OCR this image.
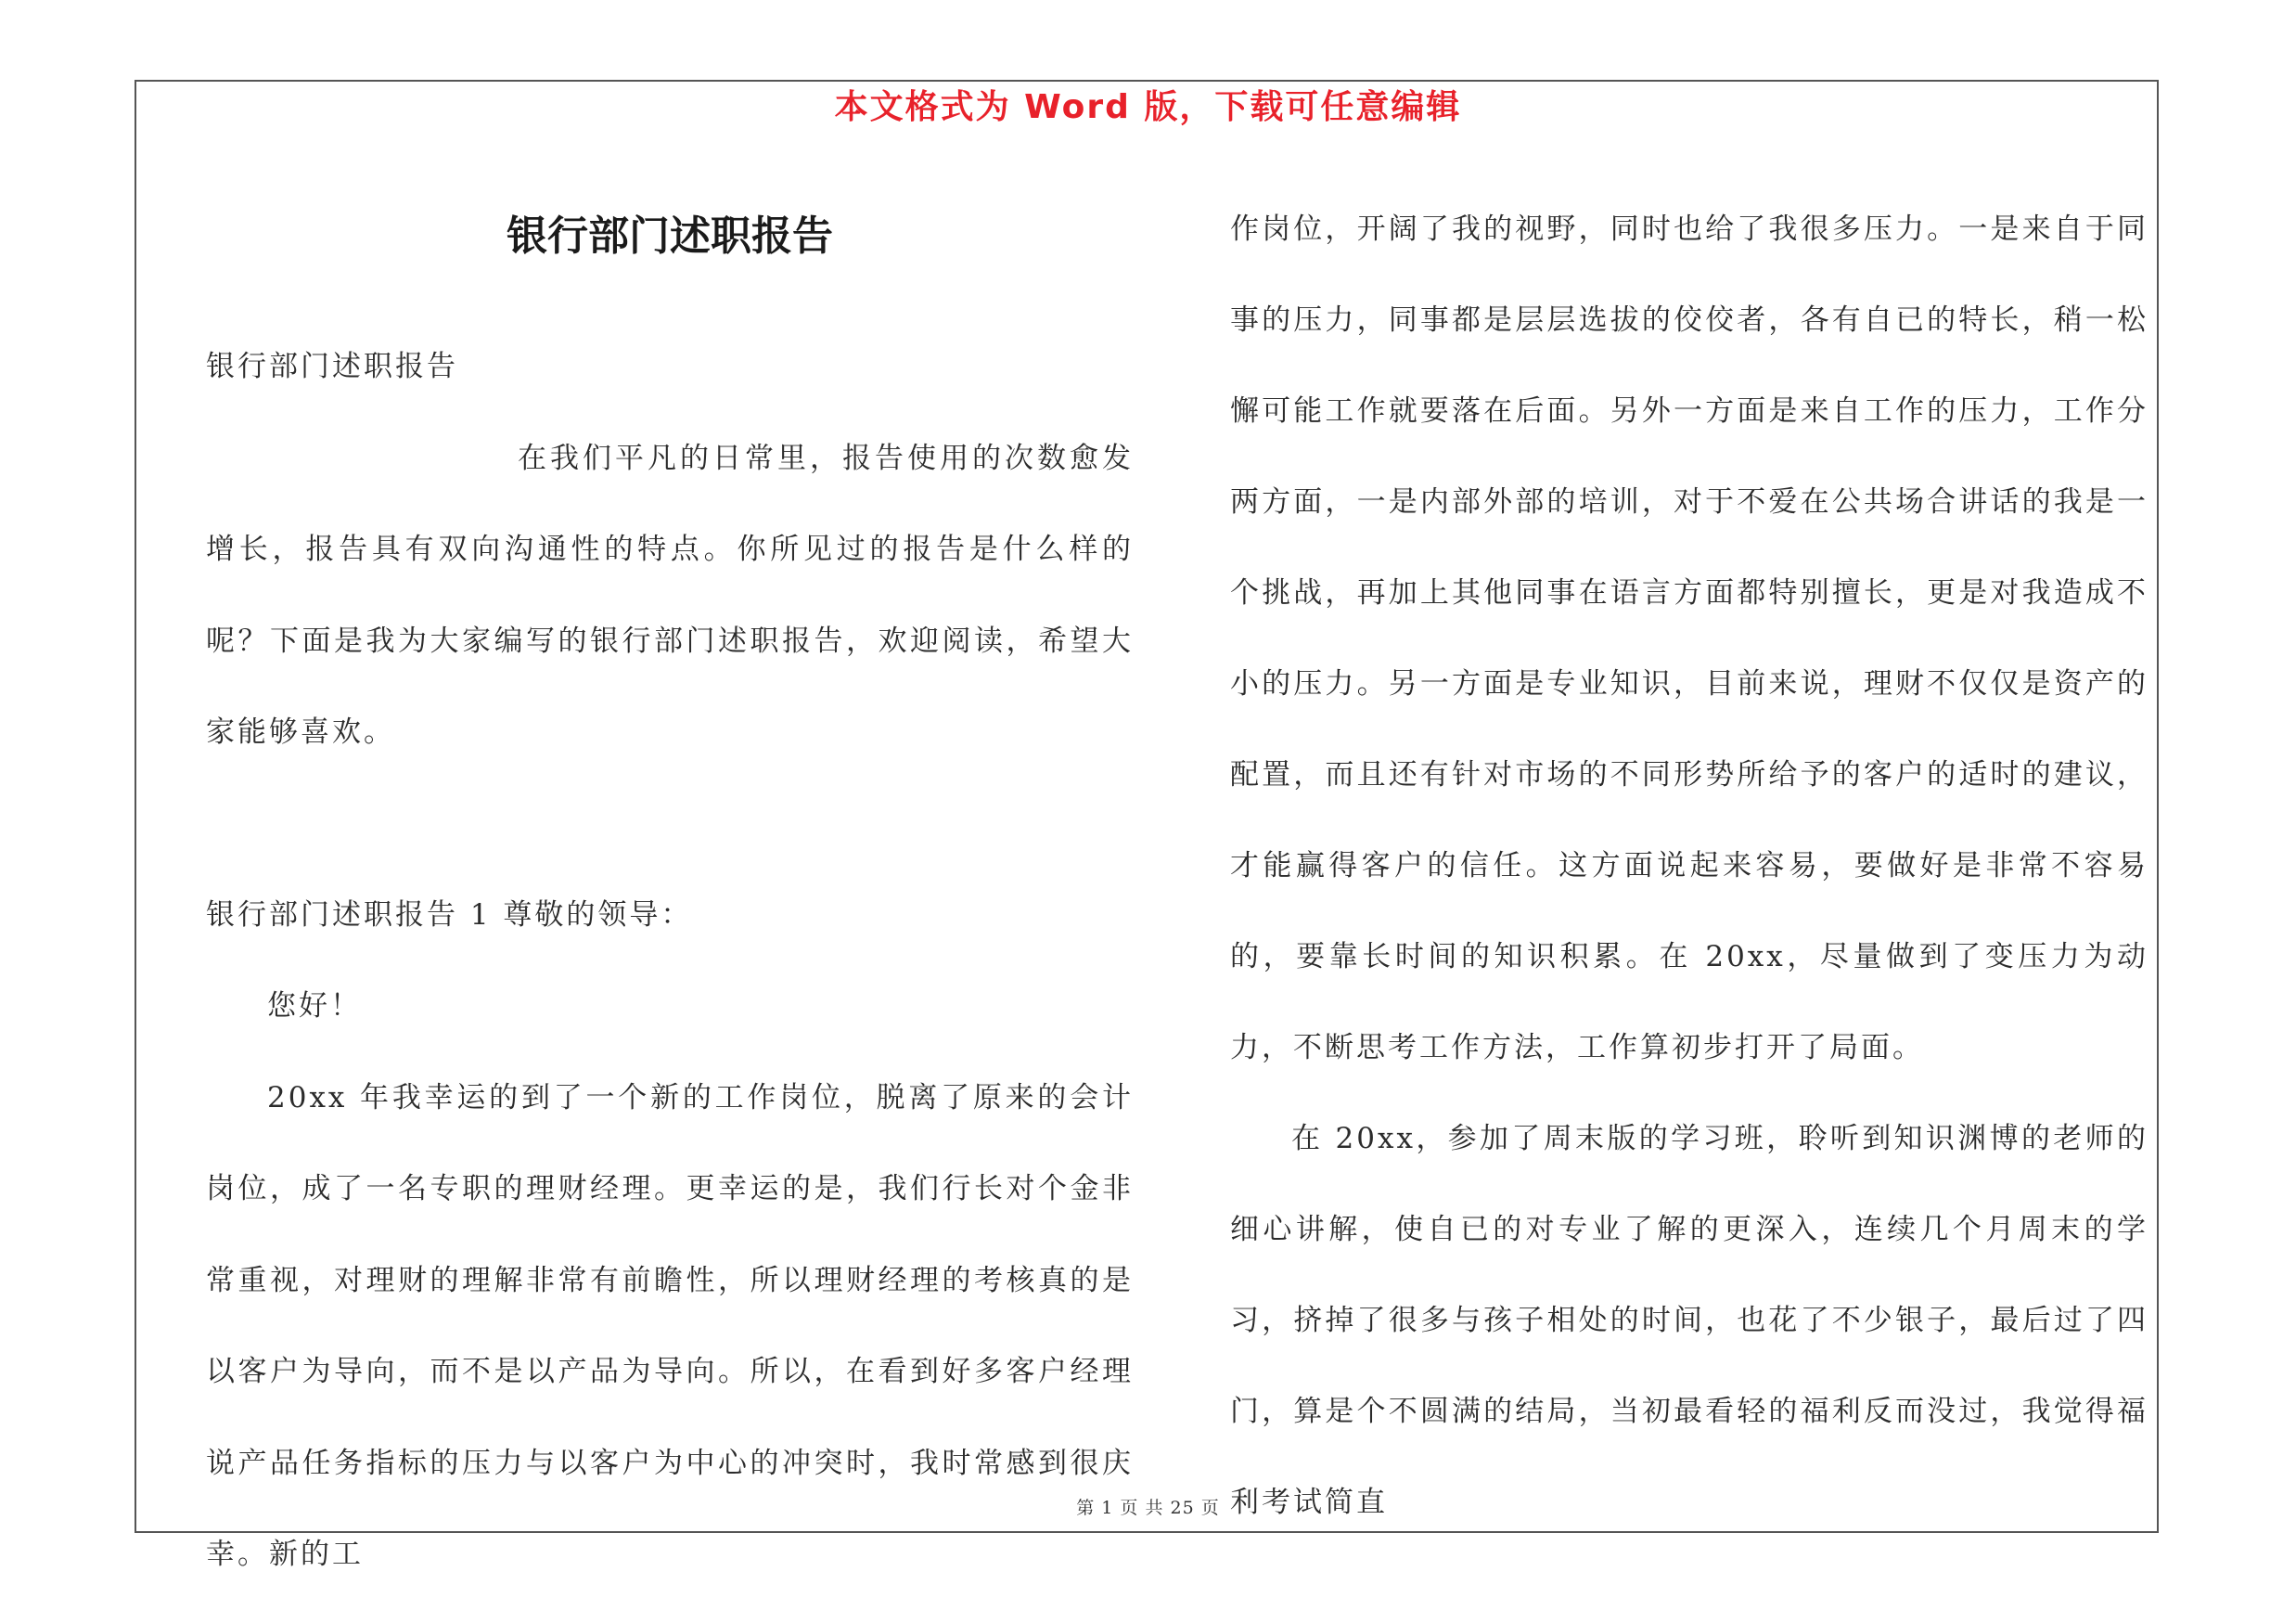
本文格式为 Word 版，下载可任意编辑
银行部门述职报告

银行部门述职报告

在我们平凡的日常里，报告使用的次数愈发增长，报告具有双向沟通性的特点。你所见过的报告是什么样的呢？下面是我为大家编写的银行部门述职报告，欢迎阅读，希望大家能够喜欢。

银行部门述职报告 1 尊敬的领导：

您好！

20xx 年我幸运的到了一个新的工作岗位，脱离了原来的会计岗位，成了一名专职的理财经理。更幸运的是，我们行长对个金非常重视，对理财的理解非常有前瞻性，所以理财经理的考核真的是以客户为导向，而不是以产品为导向。所以，在看到好多客户经理说产品任务指标的压力与以客户为中心的冲突时，我时常感到很庆幸。新的工

作岗位，开阔了我的视野，同时也给了我很多压力。一是来自于同事的压力，同事都是层层选拔的佼佼者，各有自已的特长，稍一松懈可能工作就要落在后面。另外一方面是来自工作的压力，工作分两方面，一是内部外部的培训，对于不爱在公共场合讲话的我是一个挑战，再加上其他同事在语言方面都特别擅长，更是对我造成不小的压力。另一方面是专业知识，目前来说，理财不仅仅是资产的配置，而且还有针对市场的不同形势所给予的客户的适时的建议，才能赢得客户的信任。这方面说起来容易，要做好是非常不容易的，要靠长时间的知识积累。在 20xx，尽量做到了变压力为动力，不断思考工作方法，工作算初步打开了局面。

在 20xx，参加了周末版的学习班，聆听到知识渊博的老师的细心讲解，使自已的对专业了解的更深入，连续几个月周末的学习，挤掉了很多与孩子相处的时间，也花了不少银子，最后过了四门，算是个不圆满的结局，当初最看轻的福利反而没过，我觉得福利考试简直

第 1 页 共 25 页
